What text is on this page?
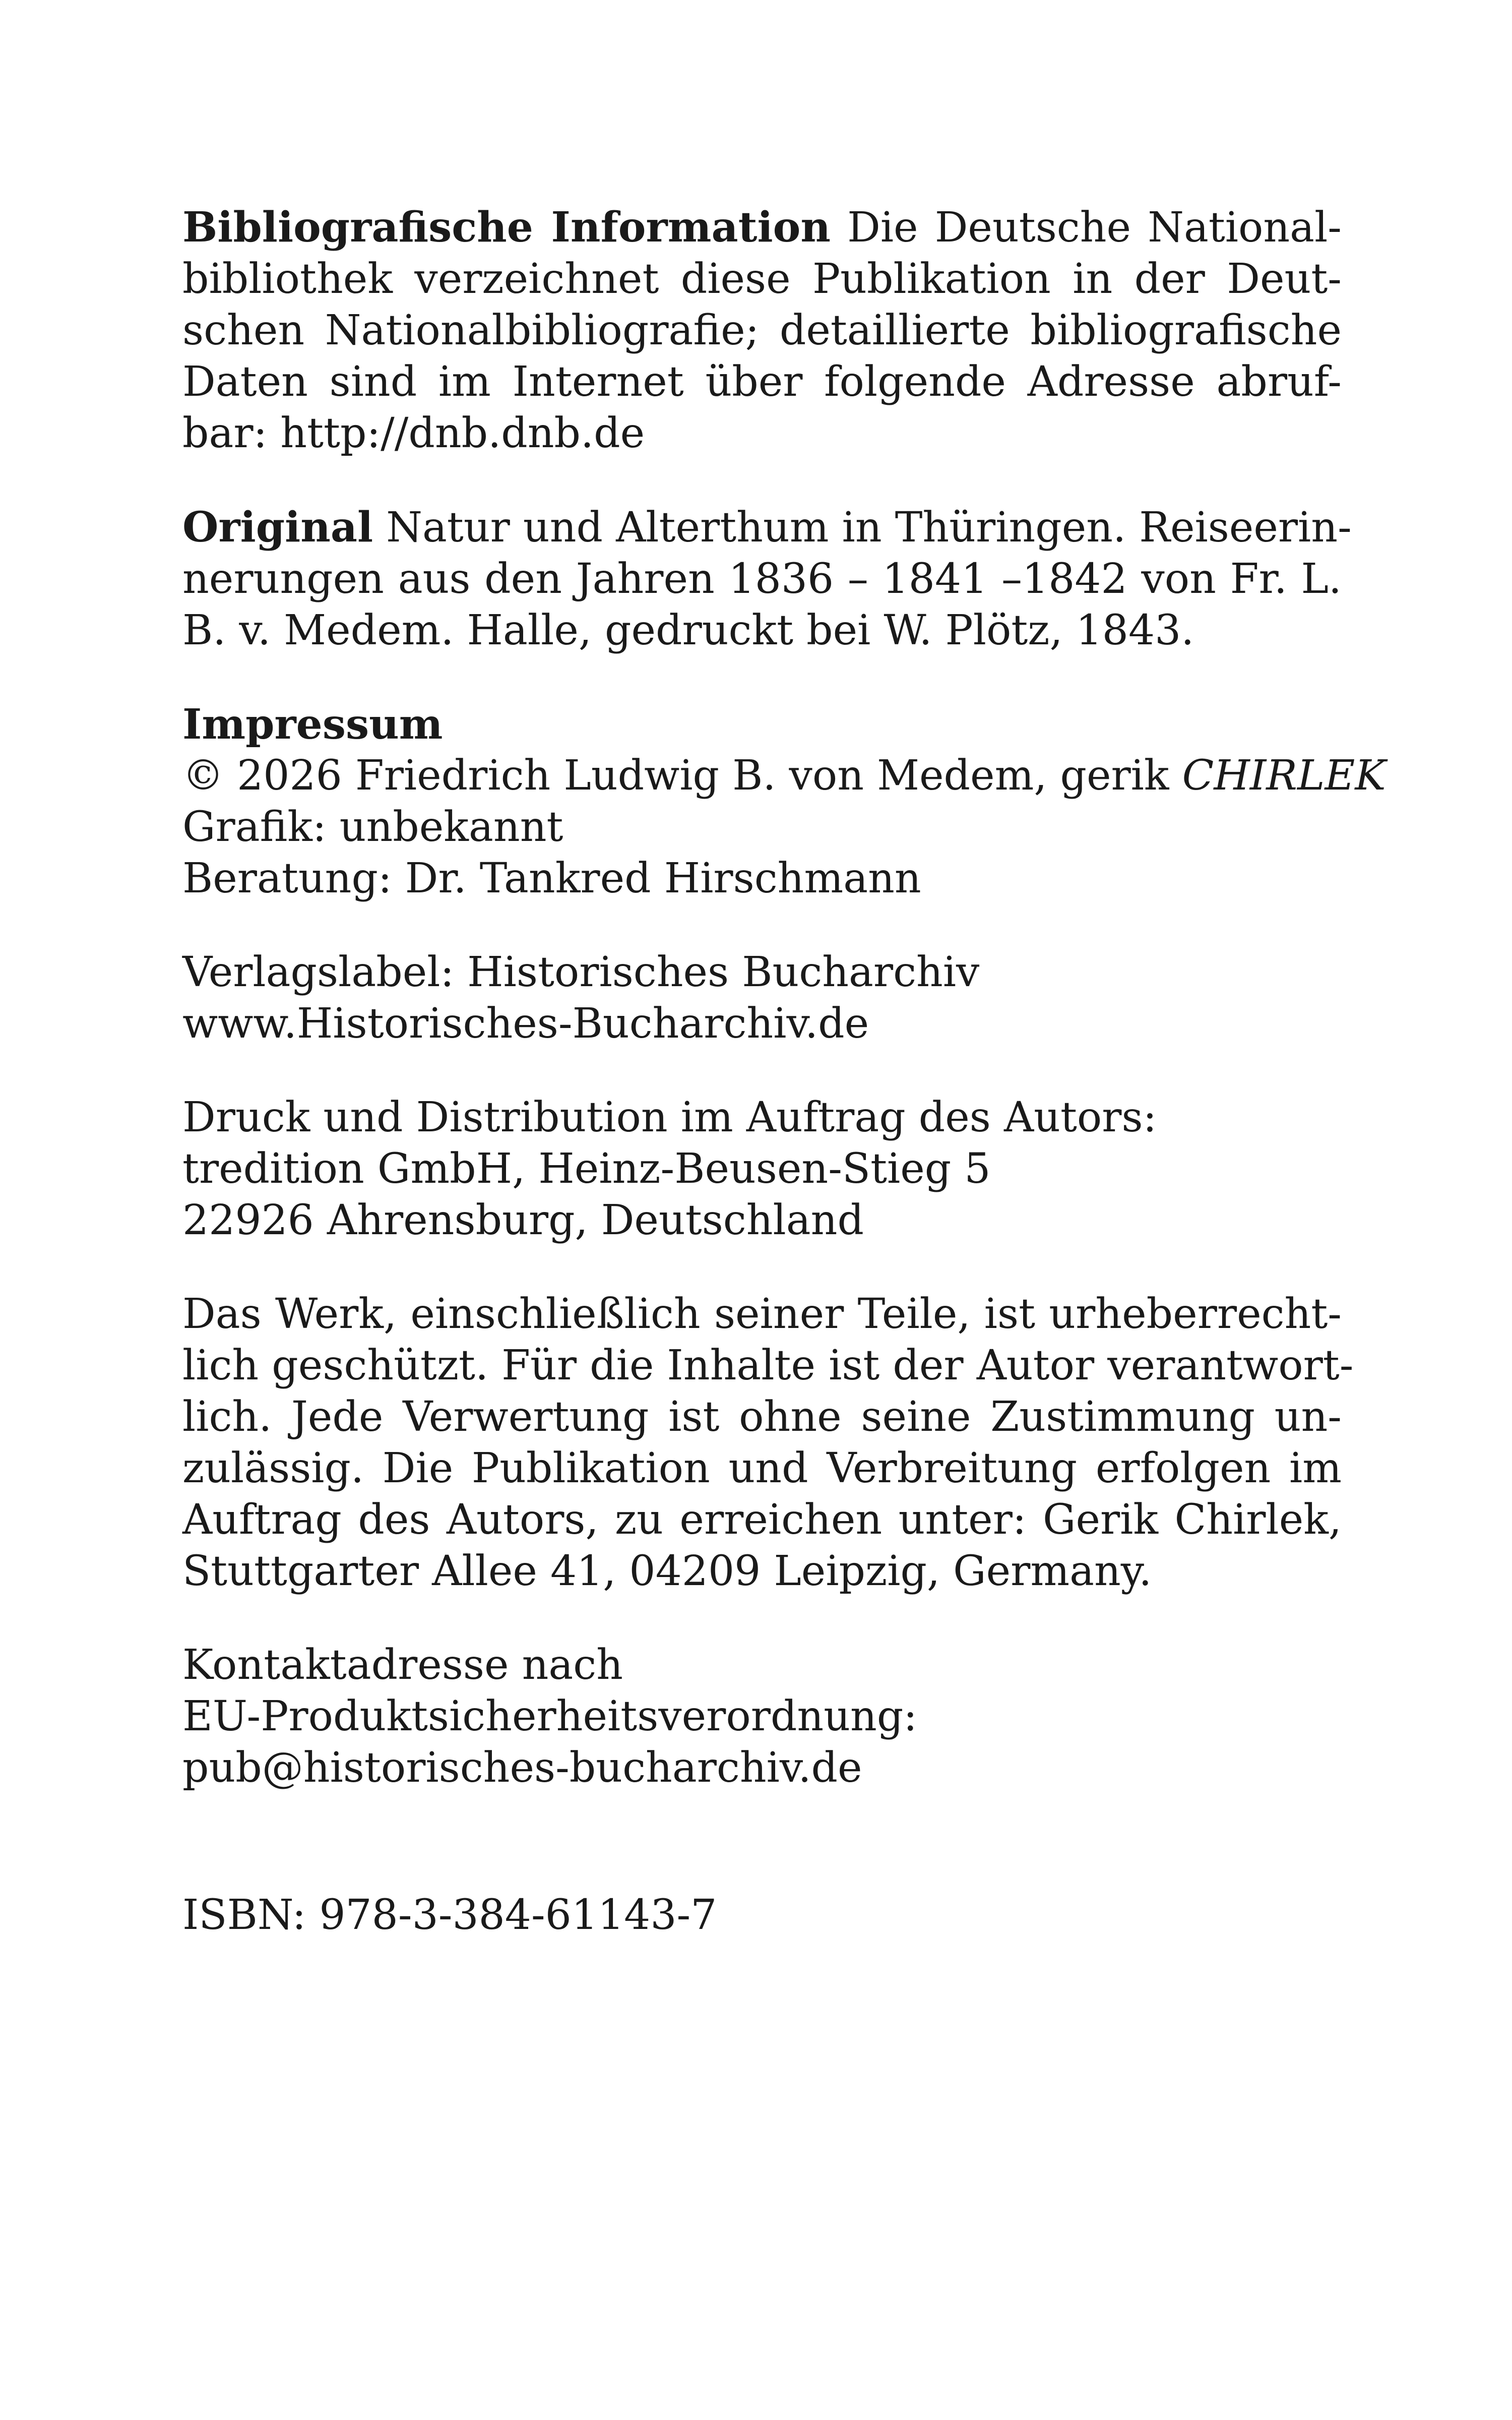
Bibliografische Information Die Deutsche National-
bibliothek verzeichnet diese Publikation in der Deut-
schen Nationalbibliografie; detaillierte bibliografische
Daten sind im Internet über folgende Adresse abruf-
bar: http://dnb.dnb.de
Original Natur und Alterthum in Thüringen. Reiseerin-
nerungen aus den Jahren 1836 – 1841 –1842 von Fr. L.
B. v. Medem. Halle, gedruckt bei W. Plötz, 1843.
Impressum
© 2026 Friedrich Ludwig B. von Medem, gerik CHIRLEK
Grafik: unbekannt
Beratung: Dr. Tankred Hirschmann
Verlagslabel: Historisches Bucharchiv
www.Historisches-Bucharchiv.de
Druck und Distribution im Auftrag des Autors:
tredition GmbH, Heinz-Beusen-Stieg 5
22926 Ahrensburg, Deutschland
Das Werk, einschließlich seiner Teile, ist urheberrecht-
lich geschützt. Für die Inhalte ist der Autor verantwort-
lich. Jede Verwertung ist ohne seine Zustimmung un-
zulässig. Die Publikation und Verbreitung erfolgen im
Auftrag des Autors, zu erreichen unter: Gerik Chirlek,
Stuttgarter Allee 41, 04209 Leipzig, Germany.
Kontaktadresse nach
EU-Produktsicherheitsverordnung:
pub@historisches-bucharchiv.de
ISBN: 978-3-384-61143-7
